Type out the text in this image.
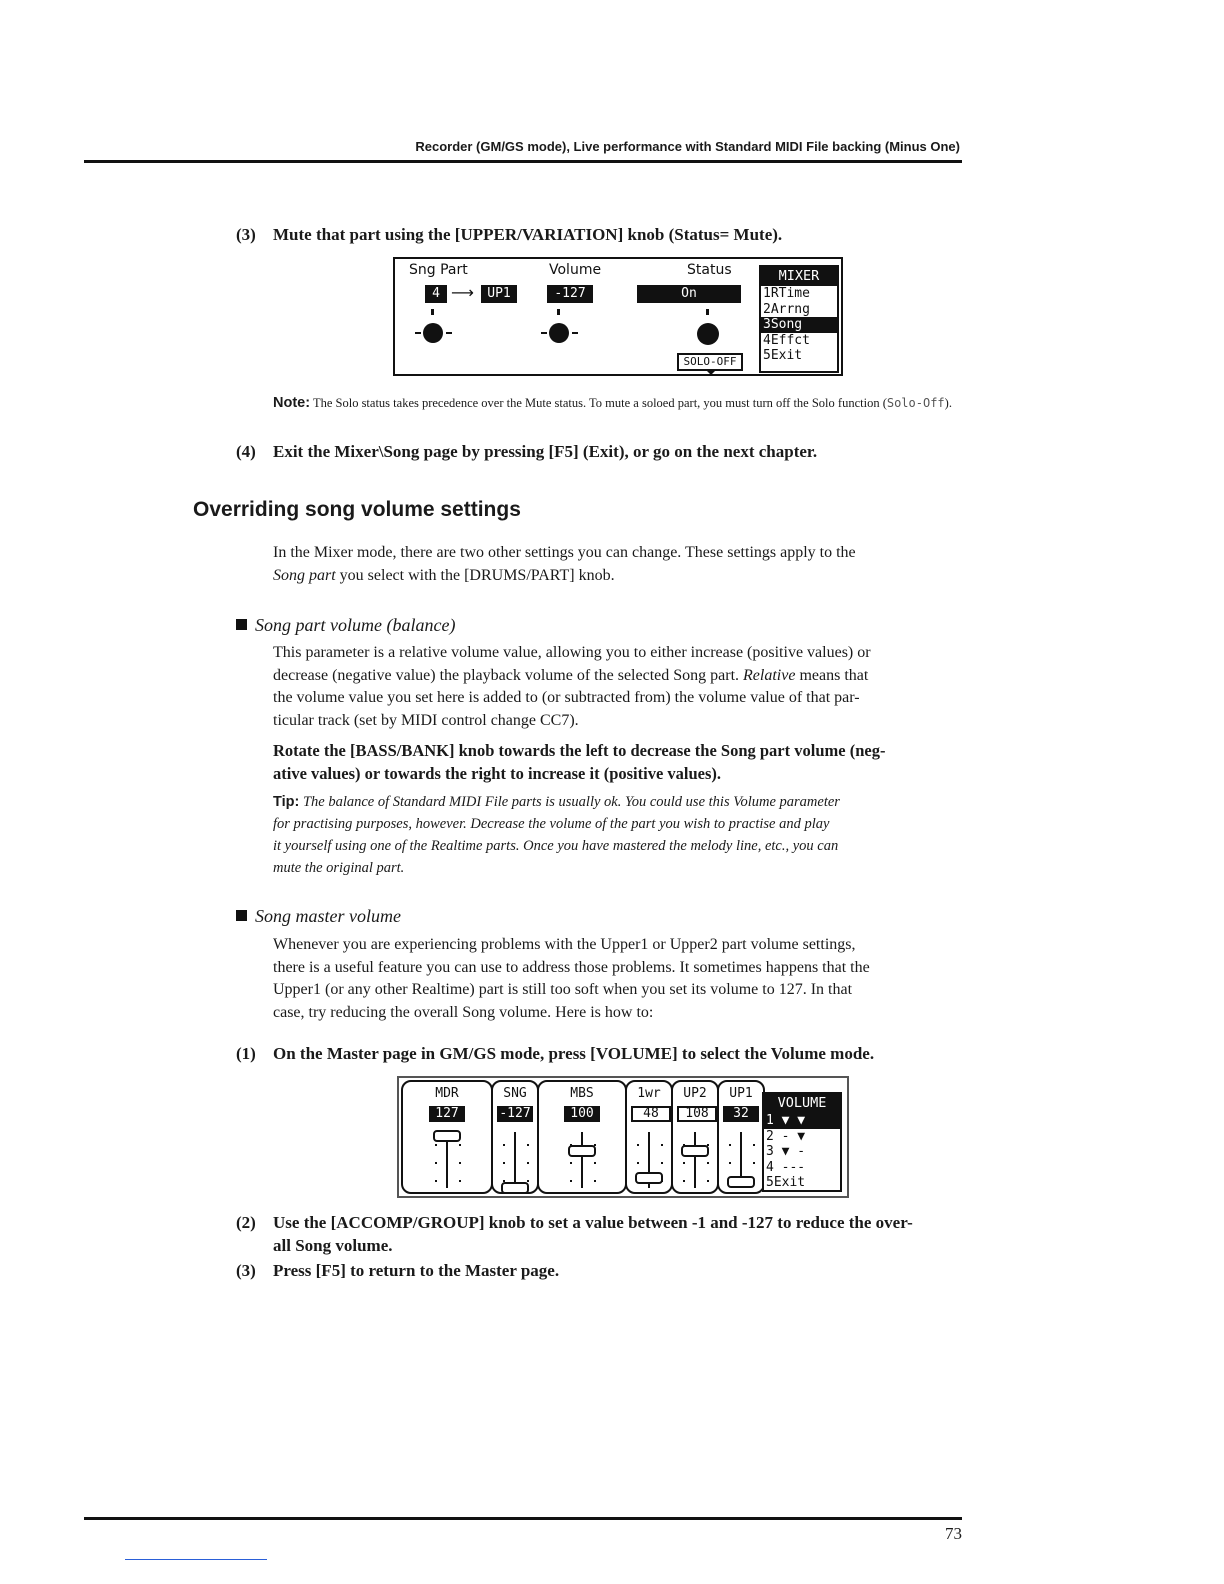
Recorder (GM/GS mode), Live performance with Standard MIDI File backing (Minus One)
(3)	Mute that part using the [UPPER/VARIATION] knob (Status= Mute).
Sng Part	Volume	Status
4 ⟶	UP1	-127	On
SOLO-OFF
MIXER
1RTime
2Arrng
3Song
4Effct
5Exit
Note: The Solo status takes precedence over the Mute status. To mute a soloed part, you must turn off the Solo function (Solo-Off).
(4)	Exit the Mixer\Song page by pressing [F5] (Exit), or go on the next chapter.
Overriding song volume settings
In the Mixer mode, there are two other settings you can change. These settings apply to the
Song part you select with the [DRUMS/PART] knob.
Song part volume (balance)
This parameter is a relative volume value, allowing you to either increase (positive values) or
decrease (negative value) the playback volume of the selected Song part. Relative means that
the volume value you set here is added to (or subtracted from) the volume value of that par-
ticular track (set by MIDI control change CC7).
Rotate the [BASS/BANK] knob towards the left to decrease the Song part volume (neg-
ative values) or towards the right to increase it (positive values).
Tip: The balance of Standard MIDI File parts is usually ok. You could use this Volume parameter
for practising purposes, however. Decrease the volume of the part you wish to practise and play
it yourself using one of the Realtime parts. Once you have mastered the melody line, etc., you can
mute the original part.
Song master volume
Whenever you are experiencing problems with the Upper1 or Upper2 part volume settings,
there is a useful feature you can use to address those problems. It sometimes happens that the
Upper1 (or any other Realtime) part is still too soft when you set its volume to 127. In that
case, try reducing the overall Song volume. Here is how to:
(1)	On the Master page in GM/GS mode, press [VOLUME] to select the Volume mode.
MDR
127
SNG
-127
MBS
100
1wr
48
UP2
108
UP1
32
VOLUME
1 ▼ ▼
2 - ▼
3 ▼ -
4 ---
5Exit
(2)	Use the [ACCOMP/GROUP] knob to set a value between -1 and -127 to reduce the over-
all Song volume.
(3)	Press [F5] to return to the Master page.
73
